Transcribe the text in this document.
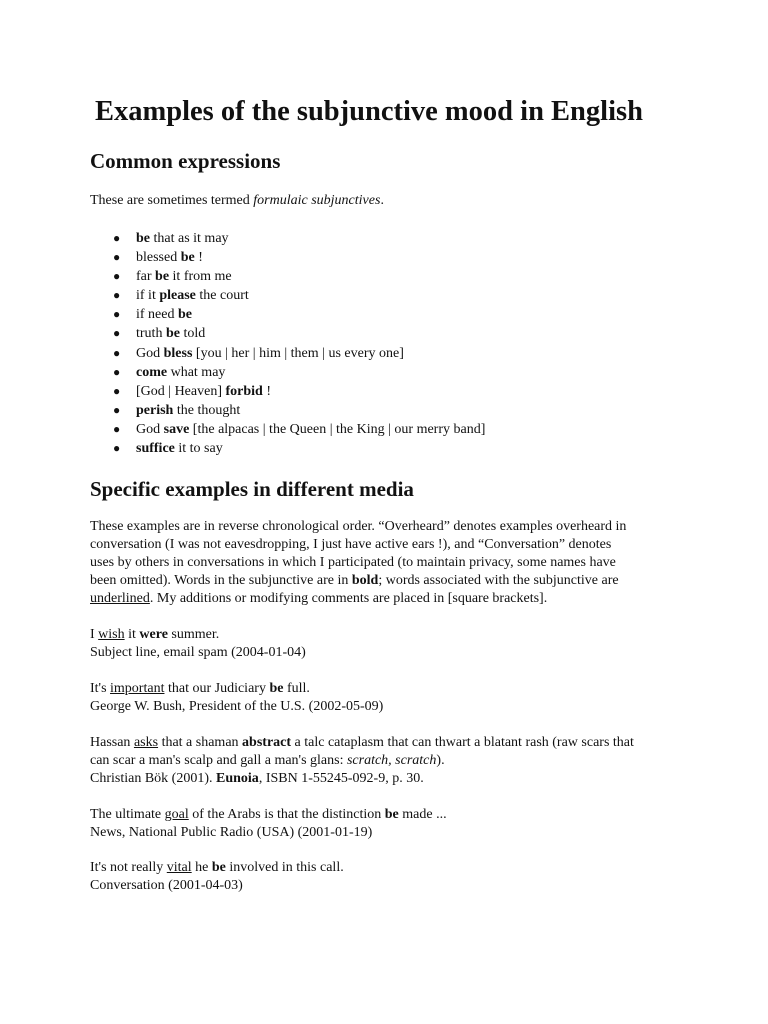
Examples of the subjunctive mood in English
Common expressions

These are sometimes termed formulaic subjunctives.

● be that as it may
● blessed be !
● far be it from me
● if it please the court
● if need be
● truth be told
● God bless [you | her | him | them | us every one]
● come what may
● [God | Heaven] forbid !
● perish the thought
● God save [the alpacas | the Queen | the King | our merry band]
● suffice it to say
Specific examples in different media

These examples are in reverse chronological order. “Overheard” denotes examples overheard in

conversation (I was not eavesdropping, I just have active ears !), and “Conversation” denotes

uses by others in conversations in which I participated (to maintain privacy, some names have

been omitted). Words in the subjunctive are in bold; words associated with the subjunctive are

underlined. My additions or modifying comments are placed in [square brackets].

I wish it were summer.

Subject line, email spam (2004-01-04)

It's important that our Judiciary be full.

George W. Bush, President of the U.S. (2002-05-09)

Hassan asks that a shaman abstract a talc cataplasm that can thwart a blatant rash (raw scars that

can scar a man's scalp and gall a man's glans: scratch, scratch).

Christian Bök (2001). Eunoia, ISBN 1-55245-092-9, p. 30.

The ultimate goal of the Arabs is that the distinction be made ...

News, National Public Radio (USA) (2001-01-19)

It's not really vital he be involved in this call.

Conversation (2001-04-03)
